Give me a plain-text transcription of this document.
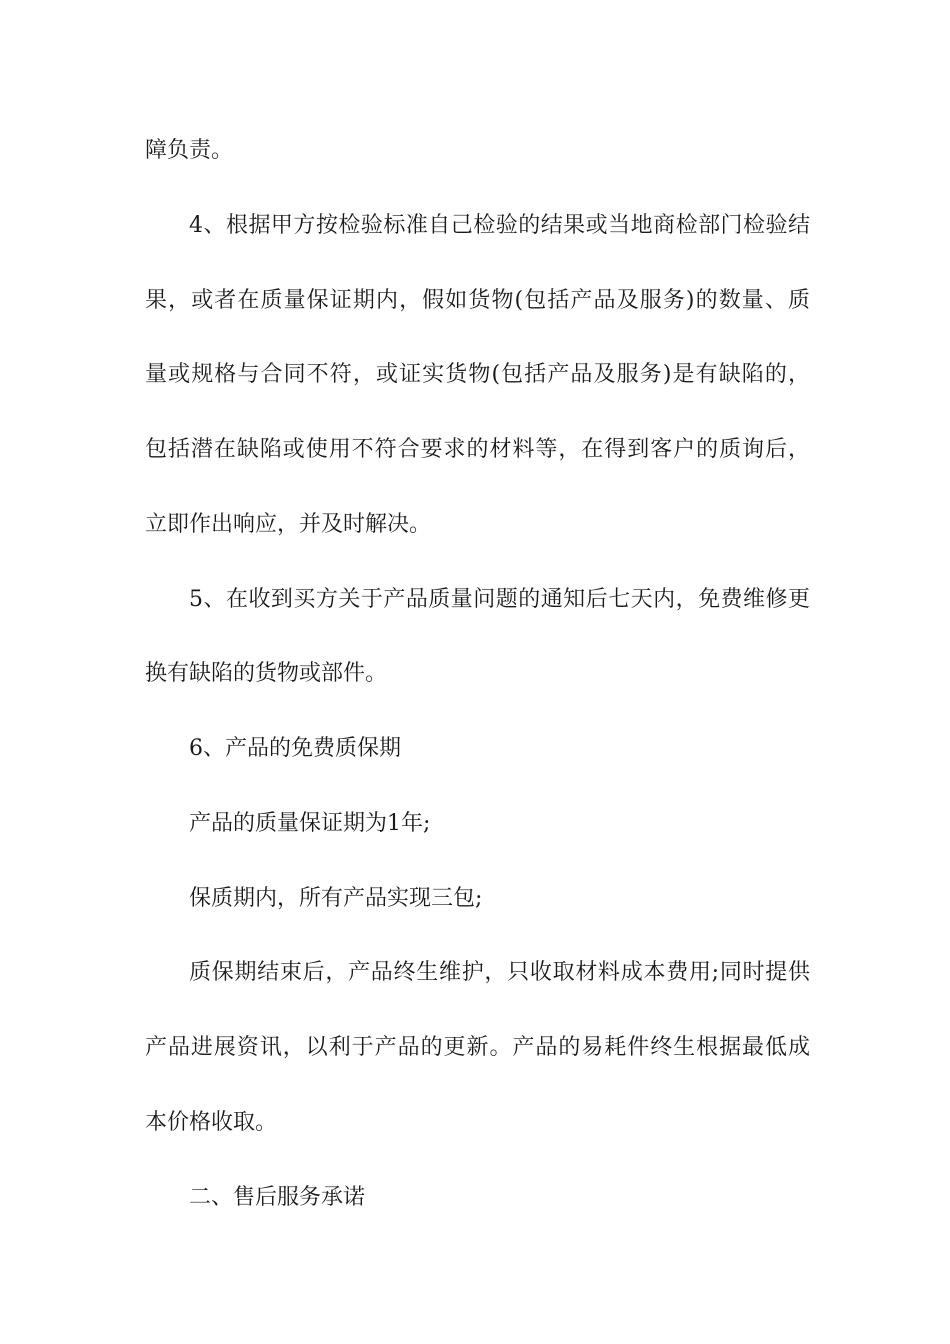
障负责。
4、根据甲方按检验标准自己检验的结果或当地商检部门检验结
果，或者在质量保证期内，假如货物(包括产品及服务)的数量、质
量或规格与合同不符，或证实货物(包括产品及服务)是有缺陷的，
包括潜在缺陷或使用不符合要求的材料等，在得到客户的质询后，
立即作出响应，并及时解决。
5、在收到买方关于产品质量问题的通知后七天内，免费维修更
换有缺陷的货物或部件。
6、产品的免费质保期
产品的质量保证期为1年;
保质期内，所有产品实现三包;
质保期结束后，产品终生维护，只收取材料成本费用;同时提供
产品进展资讯，以利于产品的更新。产品的易耗件终生根据最低成
本价格收取。
二、售后服务承诺
